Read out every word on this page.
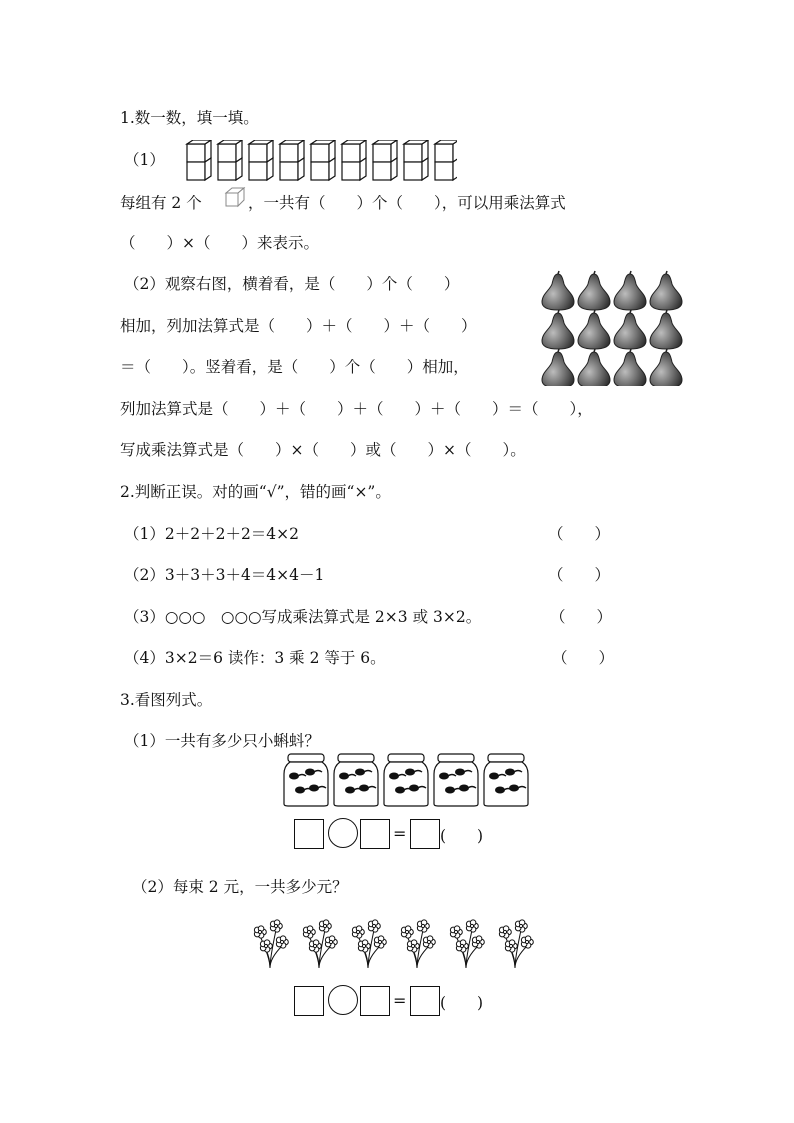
1.数一数，填一填。
（1）
每组有 2 个	，一共有（　　）个（　　），可以用乘法算式
（　　）×（　　）来表示。
（2）观察右图，横着看，是（　　）个（　　）
相加，列加法算式是（　　）＋（　　）＋（　　）
＝（　　）。竖着看，是（　　）个（　　）相加，
列加法算式是（　　）＋（　　）＋（　　）＋（　　）＝（　　），
写成乘法算式是（　　）×（　　）或（　　）×（　　）。
2.判断正误。对的画“√”，错的画“×”。
（1）2＋2＋2＋2＝4×2	（　　）
（2）3＋3＋3＋4＝4×4－1	（　　）
（3）○○○　○○○写成乘法算式是 2×3 或 3×2。	（　　）
（4）3×2＝6 读作：3 乘 2 等于 6。	（　　）
3.看图列式。
（1）一共有多少只小蝌蚪？
= (　　)
（2）每束 2 元，一共多少元？
= (　　)
